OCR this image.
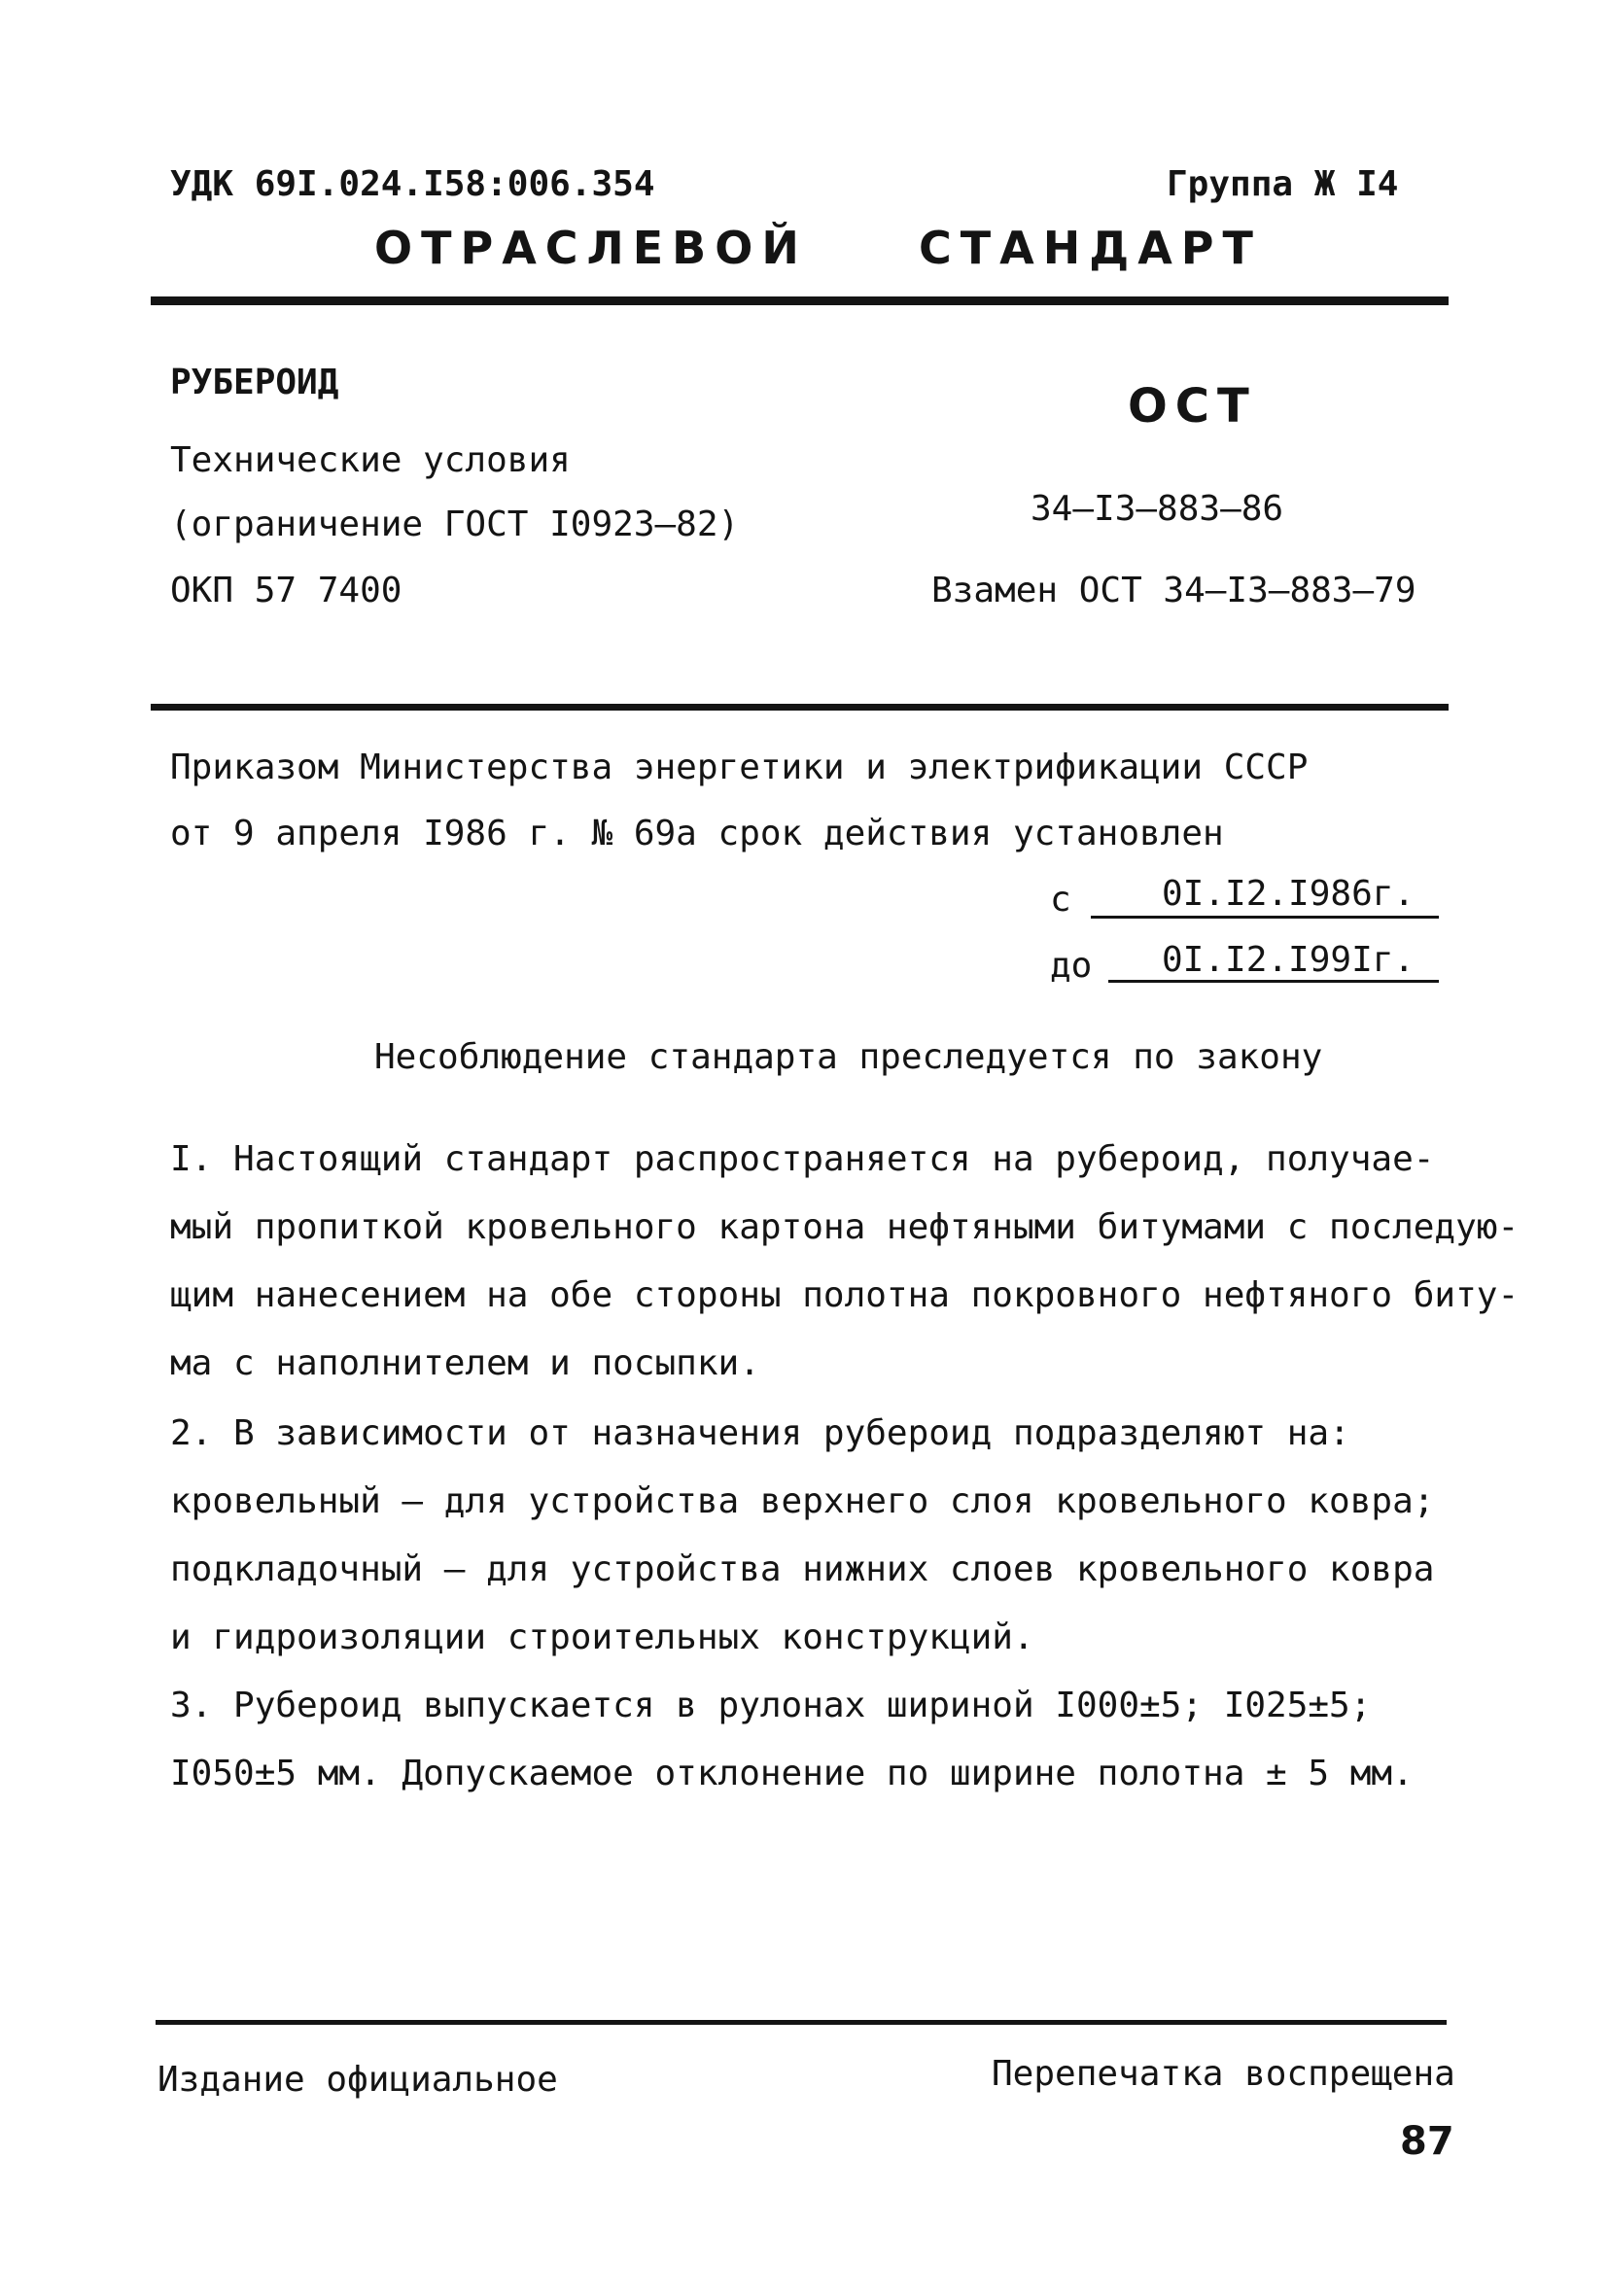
УДК 69I.024.I58:006.354	Группа Ж I4
ОТРАСЛЕВОЙ СТАНДАРТ
РУБЕРОИД
Технические условия
(ограничение ГОСТ I0923–82)
ОКП 57 7400
ОСТ
34–I3–883–86
Взамен ОСТ 34–I3–883–79
Приказом Министерства энергетики и электрификации СССР
от 9 апреля I986 г. № 69а срок действия установлен
с	0I.I2.I986г.
до 0I.I2.I99Iг.
Несоблюдение стандарта преследуется по закону
I. Настоящий стандарт распространяется на рубероид, получае-
мый пропиткой кровельного картона нефтяными битумами с последую-
щим нанесением на обе стороны полотна покровного нефтяного биту-
ма с наполнителем и посыпки.
2. В зависимости от назначения рубероид подразделяют на:
кровельный – для устройства верхнего слоя кровельного ковра;
подкладочный – для устройства нижних слоев кровельного ковра
и гидроизоляции строительных конструкций.
3. Рубероид выпускается в рулонах шириной I000±5; I025±5;
I050±5 мм. Допускаемое отклонение по ширине полотна ± 5 мм.
Издание официальное	Перепечатка воспрещена
87
